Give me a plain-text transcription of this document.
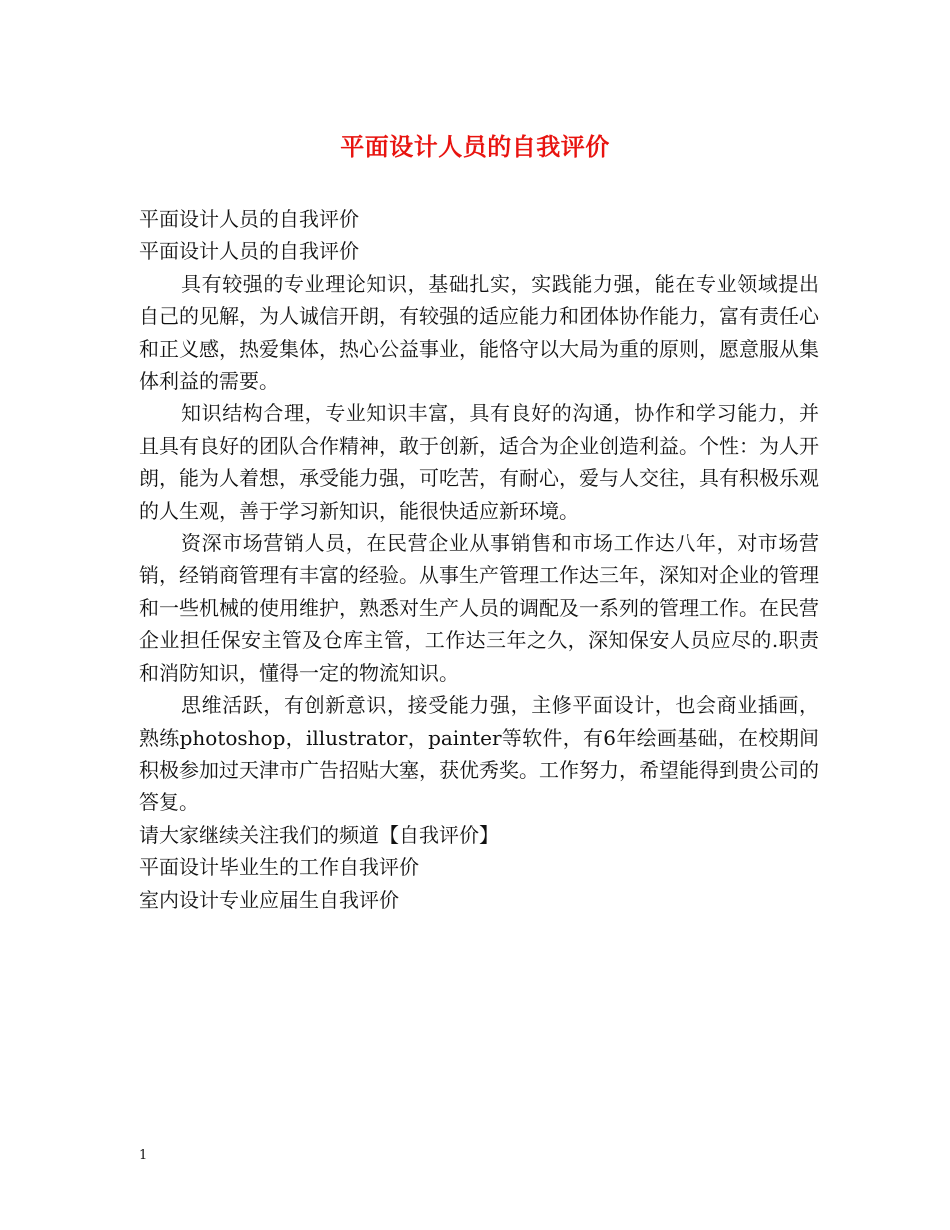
平面设计人员的自我评价
平面设计人员的自我评价
平面设计人员的自我评价

具有较强的专业理论知识，基础扎实，实践能力强，能在专业领域提出自己的见解，为人诚信开朗，有较强的适应能力和团体协作能力，富有责任心和正义感，热爱集体，热心公益事业，能恪守以大局为重的原则，愿意服从集体利益的需要。

知识结构合理，专业知识丰富，具有良好的沟通，协作和学习能力，并且具有良好的团队合作精神，敢于创新，适合为企业创造利益。个性：为人开朗，能为人着想，承受能力强，可吃苦，有耐心，爱与人交往，具有积极乐观的人生观，善于学习新知识，能很快适应新环境。

资深市场营销人员，在民营企业从事销售和市场工作达八年，对市场营销，经销商管理有丰富的经验。从事生产管理工作达三年，深知对企业的管理和一些机械的使用维护，熟悉对生产人员的调配及一系列的管理工作。在民营企业担任保安主管及仓库主管，工作达三年之久，深知保安人员应尽的.职责和消防知识，懂得一定的物流知识。

思维活跃，有创新意识，接受能力强，主修平面设计，也会商业插画，熟练photoshop，illustrator，painter等软件，有6年绘画基础，在校期间积极参加过天津市广告招贴大塞，获优秀奖。工作努力，希望能得到贵公司的答复。

请大家继续关注我们的频道【自我评价】
平面设计毕业生的工作自我评价
室内设计专业应届生自我评价
1
